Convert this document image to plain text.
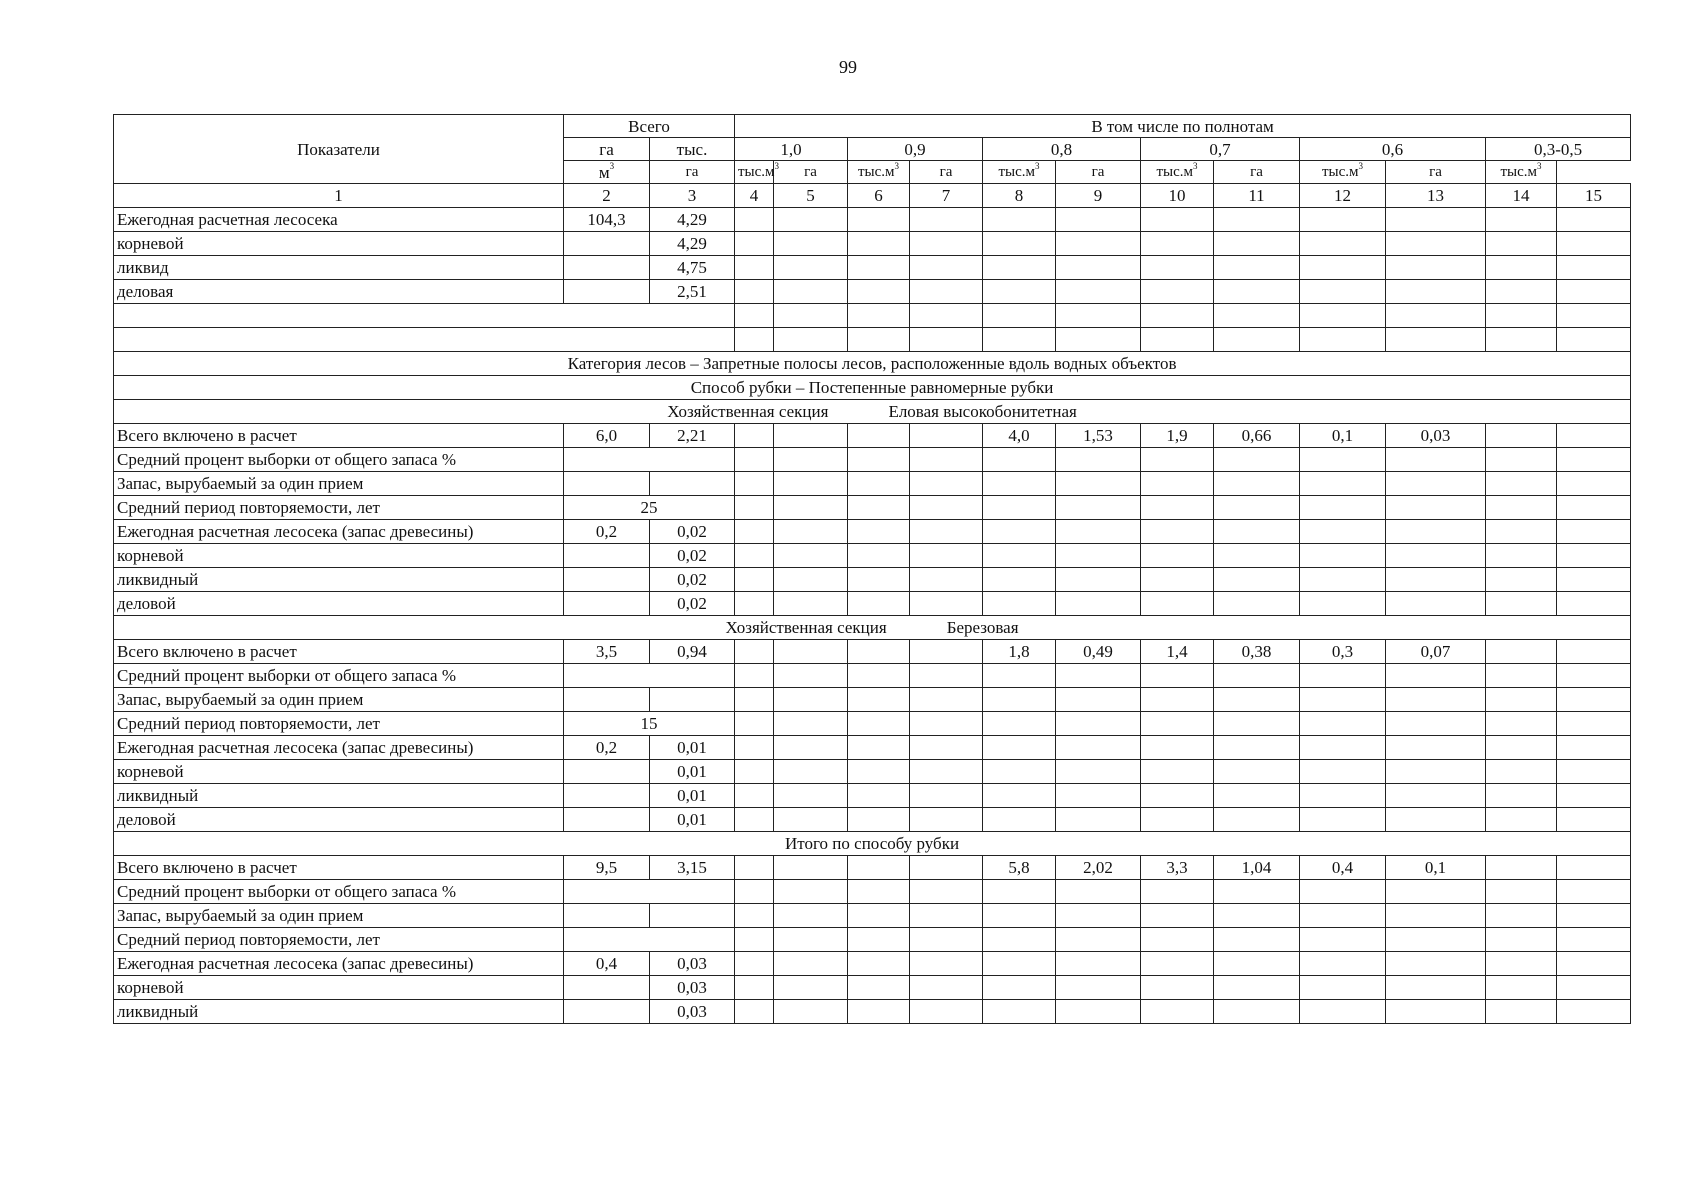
99
Показатели	Всего		В том числе по полнотам											
	га	тыс.	1,0		0,9		0,8		0,7		0,6		0,3-0,5	
	$м^3$	га	$тыс.м^3$	га	$тыс.м^3$	га	$тыс.м^3$	га	$тыс.м^3$	га	$тыс.м^3$	га	$тыс.м^3$
1	2	3	4	5	6	7	8	9	10	11	12	13	14	15
Ежегодная расчетная лесосека	104,3	4,29												
корневой		4,29												
ликвид		4,75												
деловая		2,51												

Категория лесов – Запретные полосы лесов, расположенные вдоль водных объектов														
Способ рубки – Постепенные равномерные рубки														
Хозяйственная секция Еловая высокобонитетная														
Всего включено в расчет	6,0	2,21					4,0	1,53	1,9	0,66	0,1	0,03		
Средний процент выборки от общего запаса %														
Запас, вырубаемый за один прием														
Средний период повторяемости, лет	25													
Ежегодная расчетная лесосека (запас древесины)	0,2	0,02												
корневой		0,02												
ликвидный		0,02												
деловой		0,02												
Хозяйственная секция Березовая														
Всего включено в расчет	3,5	0,94					1,8	0,49	1,4	0,38	0,3	0,07		
Средний процент выборки от общего запаса %														
Запас, вырубаемый за один прием														
Средний период повторяемости, лет	15													
Ежегодная расчетная лесосека (запас древесины)	0,2	0,01												
корневой		0,01												
ликвидный		0,01												
деловой		0,01												
Итого по способу рубки														
Всего включено в расчет	9,5	3,15					5,8	2,02	3,3	1,04	0,4	0,1		
Средний процент выборки от общего запаса %														
Запас, вырубаемый за один прием														
Средний период повторяемости, лет														
Ежегодная расчетная лесосека (запас древесины)	0,4	0,03												
корневой		0,03												
ликвидный		0,03												
